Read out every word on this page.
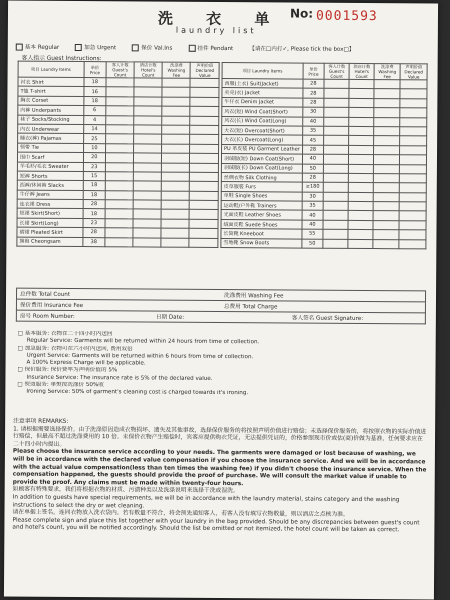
洗 衣 单
laundry list
No: 0001593
基本 Regular	加急 Urgent	保价 Val.Ins	挂件 Pendant	【请在□内打✓, Please tick the box□】
客人指示 Guest Instructions:
项目 Laundry Items	单价 Price	客人计数 Guest's Count	酒店计数 Hotel's Count	洗涤费 Washing Fee	声明价值 Declared Value
衬衣 Shirt	18				
T恤 T-shirt	16				
胸衣 Corset	18				
内裤 Underpants	6				
袜子 Socks/Stocking	4				
内衣 Underwear	14				
睡衣(裤) Pajamas	25				
领带 Tie	10				
围巾 Scarf	20				
羊毛衫/毛衣 Sweater	23				
短裤 Shorts	15				
西裤/休闲裤 Slacks	18				
牛仔裤 Jeans	18				
连衣裙 Dress	28				
短裙 Skirt(Short)	18				
长裙 Skirt(Long)	23				
褶裙 Pleated Skirt	28				
旗袍 Cheongsam	38				
项目 Laundry Items	单价 Price	客人计数 Guest's Count	酒店计数 Hotel's Count	洗涤费 Washing Fee	声明价值 Declared Value
西服(上衣) Suit(Jacket)	28				
夹克(衣) Jacket	28				
牛仔衣 Denim Jacket	28				
风衣(短) Wind Coat(Short)	30				
风衣(长) Wind Coat(Long)	40				
大衣(短) Overcoat(Short)	35				
大衣(长) Overcoat(Long)	45				
PU 革皮装 PU Garment Leather	28				
羽绒服(短) Down Coat(Short)	40				
羽绒服(长) Down Coat(Long)	50				
丝绸衣物 Silk Clothing	28				
皮草服装 Furs	≥180				
单鞋 Single Shoes	30				
运动鞋/户外鞋 Trainers	35				
光面皮鞋 Leather Shoes	40				
绒面皮鞋 Suede Shoes	40				
长筒靴 Kneeboot	55				
雪地靴 Snow Boots	50				
总件数 Total Count	洗涤费用 Washing Fee
保价费用 Insurance Fee	总费用 Total Charge
房号 Room Number:	日期 Date:	客人签名 Guest Signature:
□ 基本服务: 衣物在二十四小时内送回
Regular Service: Garments will be returned within 24 hours from time of collection.
□ 加急服务: 衣物可在六小时内送回, 费用双倍
Urgent Service: Garments will be returned within 6 hours from time of collection.
A 100% Express Charge will be applicable.
□ 保价服务: 保价费率为声明价值的 5%
Insurance Service: The insurance rate is 5% of the declared value.
□ 熨烫服务: 单熨按洗涤价 50%收
Ironing Service: 50% of garment's cleaning cost is charged towards it's ironing.
注意事项 REMARKS:
1. 请根据需要选择保价。由于洗涤原因造成衣物损坏、遗失及其他事故，选择保价服务的将按照声明价值进行赔偿；未选择保价服务的，将按照衣物的实际价值进行赔偿，但最高不超过洗涤费用的 10 倍。未保价衣物产生赔偿时，宾客应提供购衣凭证，无法提供凭证的，价格参照现市价或估(商)价做为基准，任何要求应在二十四小时内提出。
Please choose the insurance service according to your needs. The garments were damaged or lost because of washing, we will be in accordance with the declared value compensation if you choose the insurance service. And we will be in accordance with the actual value compensation(less than ten times the washing fee) if you didn't choose the insurance service. When the compensation happened, the guests should provide the proof of purchase. We will consult the market value if unable to provide the proof. Any claims must be made within twenty-four hours.
如顾客有特殊要求，我们将根据衣物的材质、污渍种类以及洗涤说明来选择干洗或湿洗。
In addition to guests have special requirements, we will be in accordance with the laundry material, stains category and the washing instructions to select the dry or wet cleaning.
请在单据上签名，连同衣物放入洗衣袋内。若有数量不符合，将会预先通知客人，若客人没有填写衣物数量，则以酒店之点核为准。
Please complete sign and place this list together with your laundry in the bag provided. Should be any discrepancies between guest's count and hotel's count, you will be notified accordingly. Should the list be omitted or not itemized, the hotel count will be taken as correct.
